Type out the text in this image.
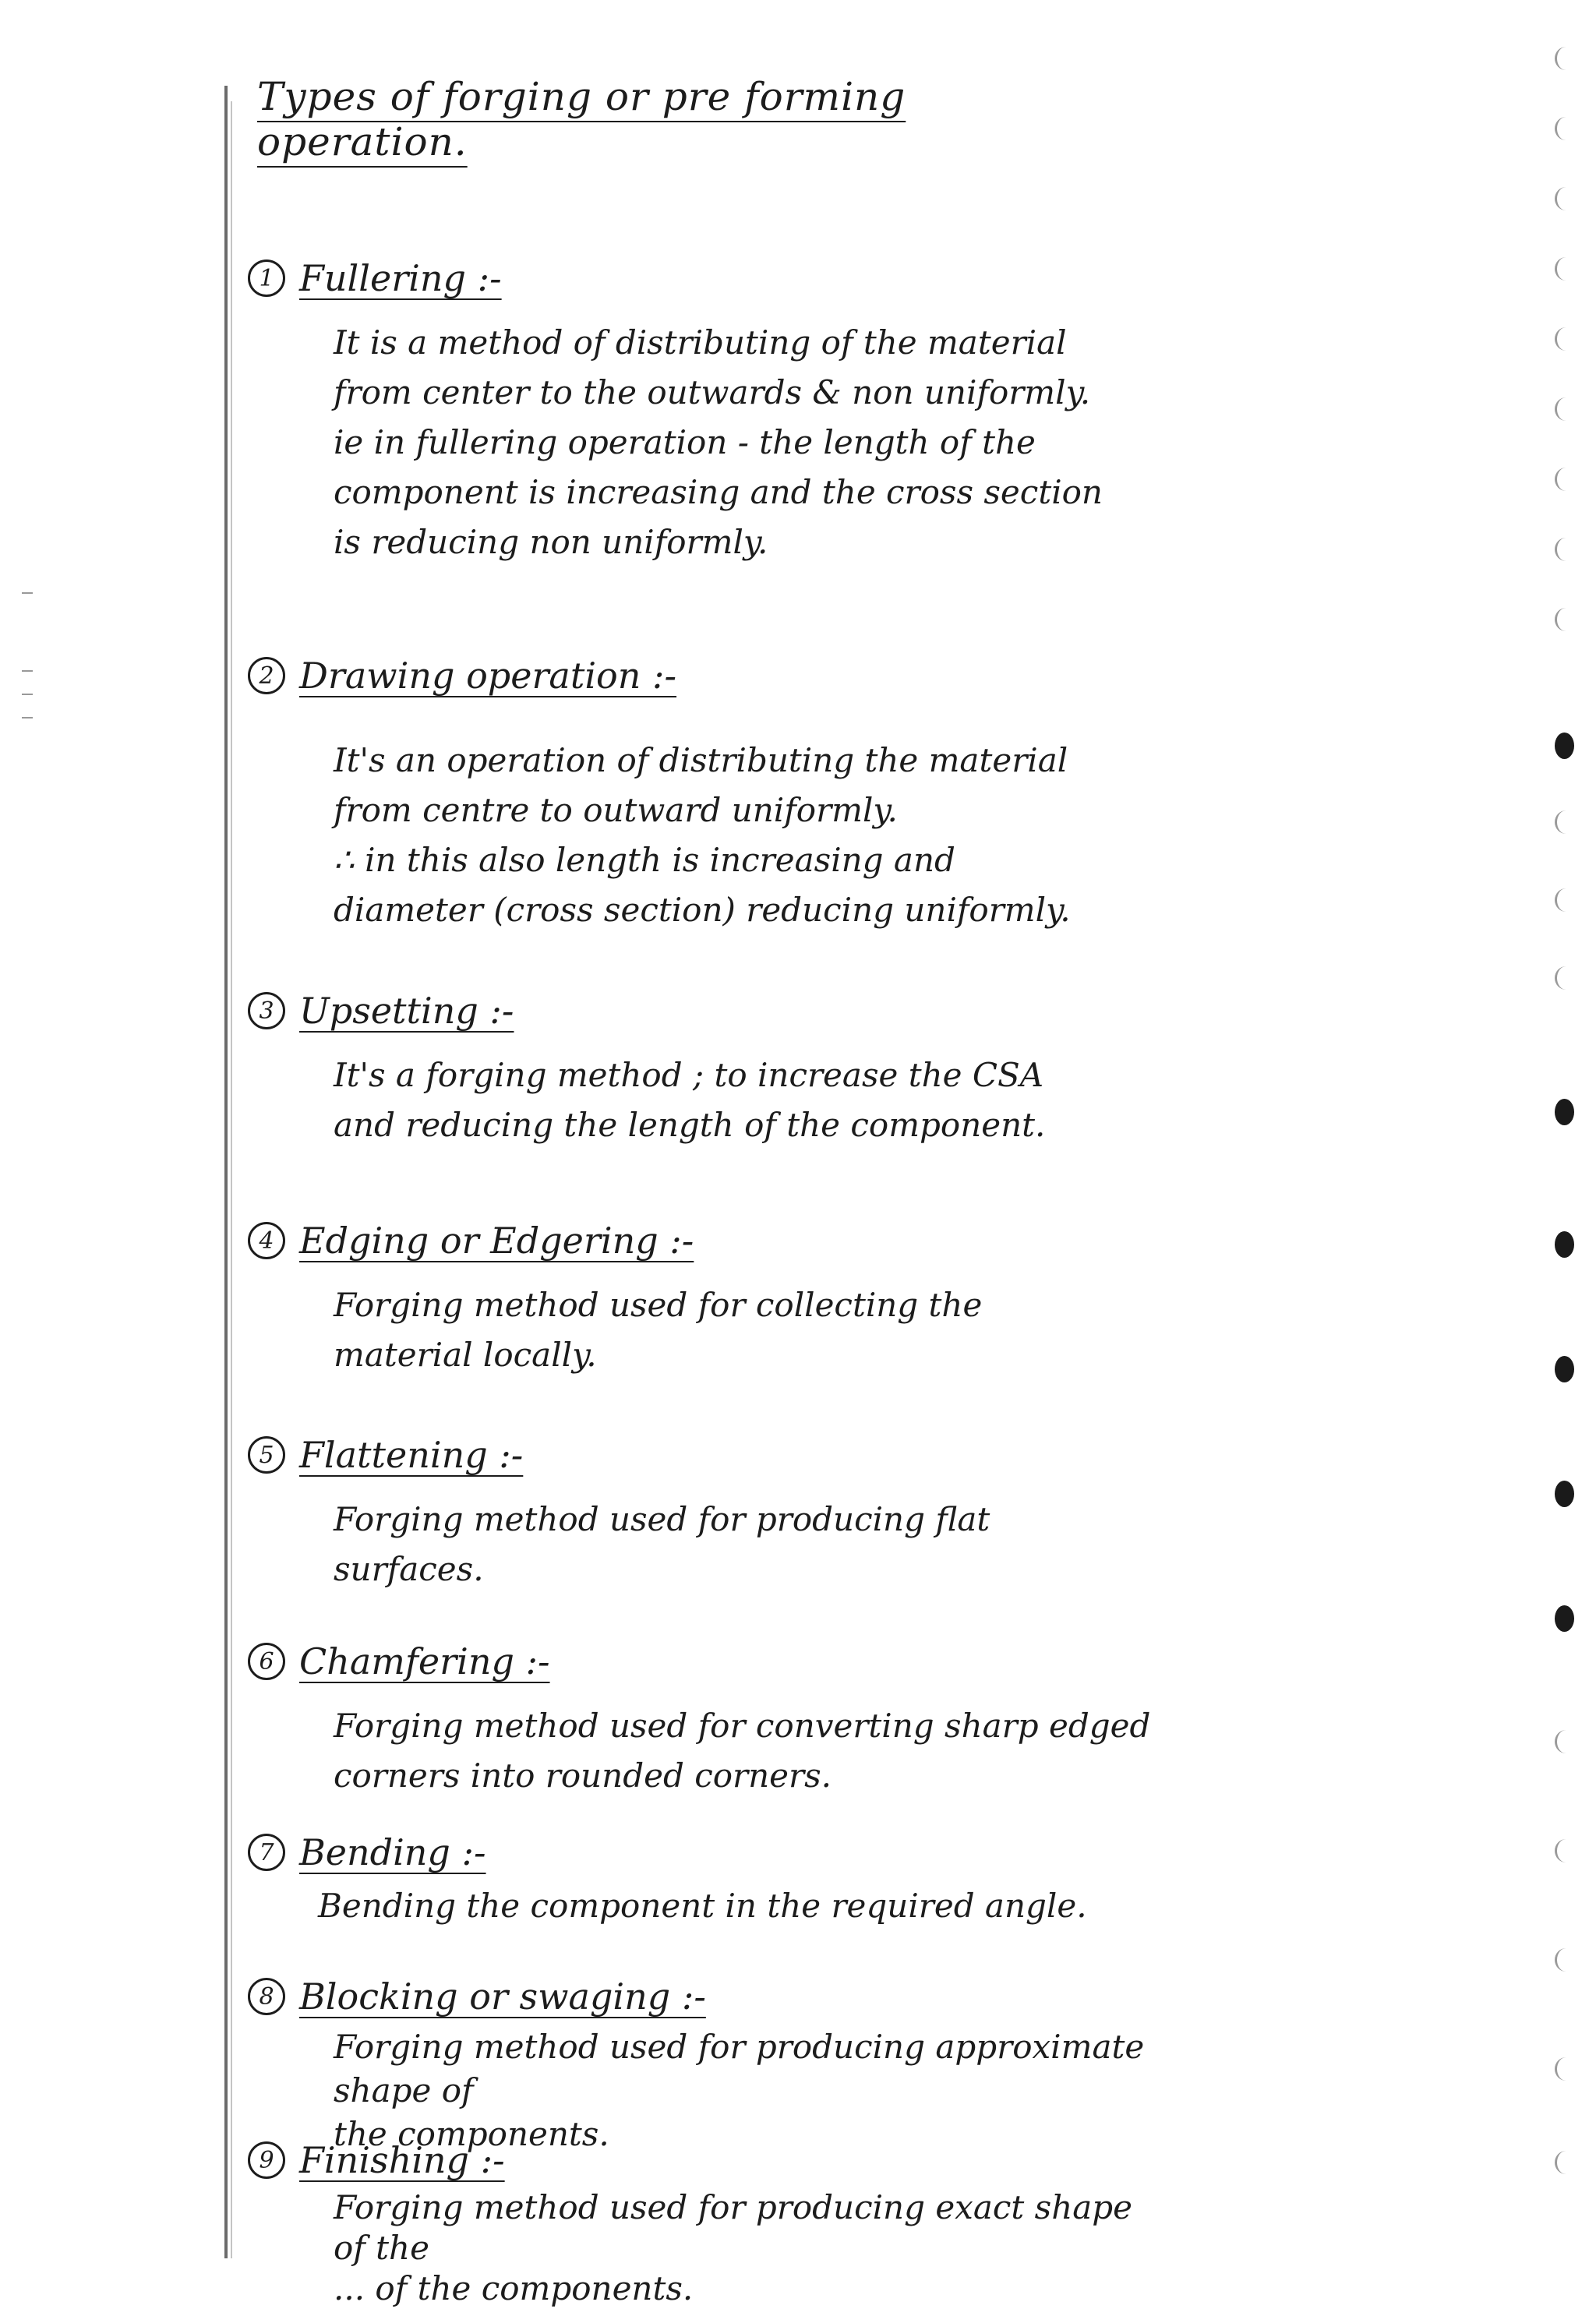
Types of forging or pre forming operation.
1 Fullering :-
It is a method of distributing of the material
from center to the outwards & non uniformly.
ie in fullering operation - the length of the
component is increasing and the cross section
is reducing non uniformly.
2 Drawing operation :-
It's an operation of distributing the material
from centre to outward uniformly.
∴ in this also length is increasing and
diameter (cross section) reducing uniformly.
3 Upsetting :-
It's a forging method ; to increase the CSA
and reducing the length of the component.
4 Edging or Edgering :-
Forging method used for collecting the
material locally.
5 Flattening :-
Forging method used for producing flat
surfaces.
6 Chamfering :-
Forging method used for converting sharp edged
corners into rounded corners.
7 Bending :-
Bending the component in the required angle.
8 Blocking or swaging :-
Forging method used for producing approximate shape of
the components.
9 Finishing :-
Forging method used for producing exact shape of the
... of the components.
